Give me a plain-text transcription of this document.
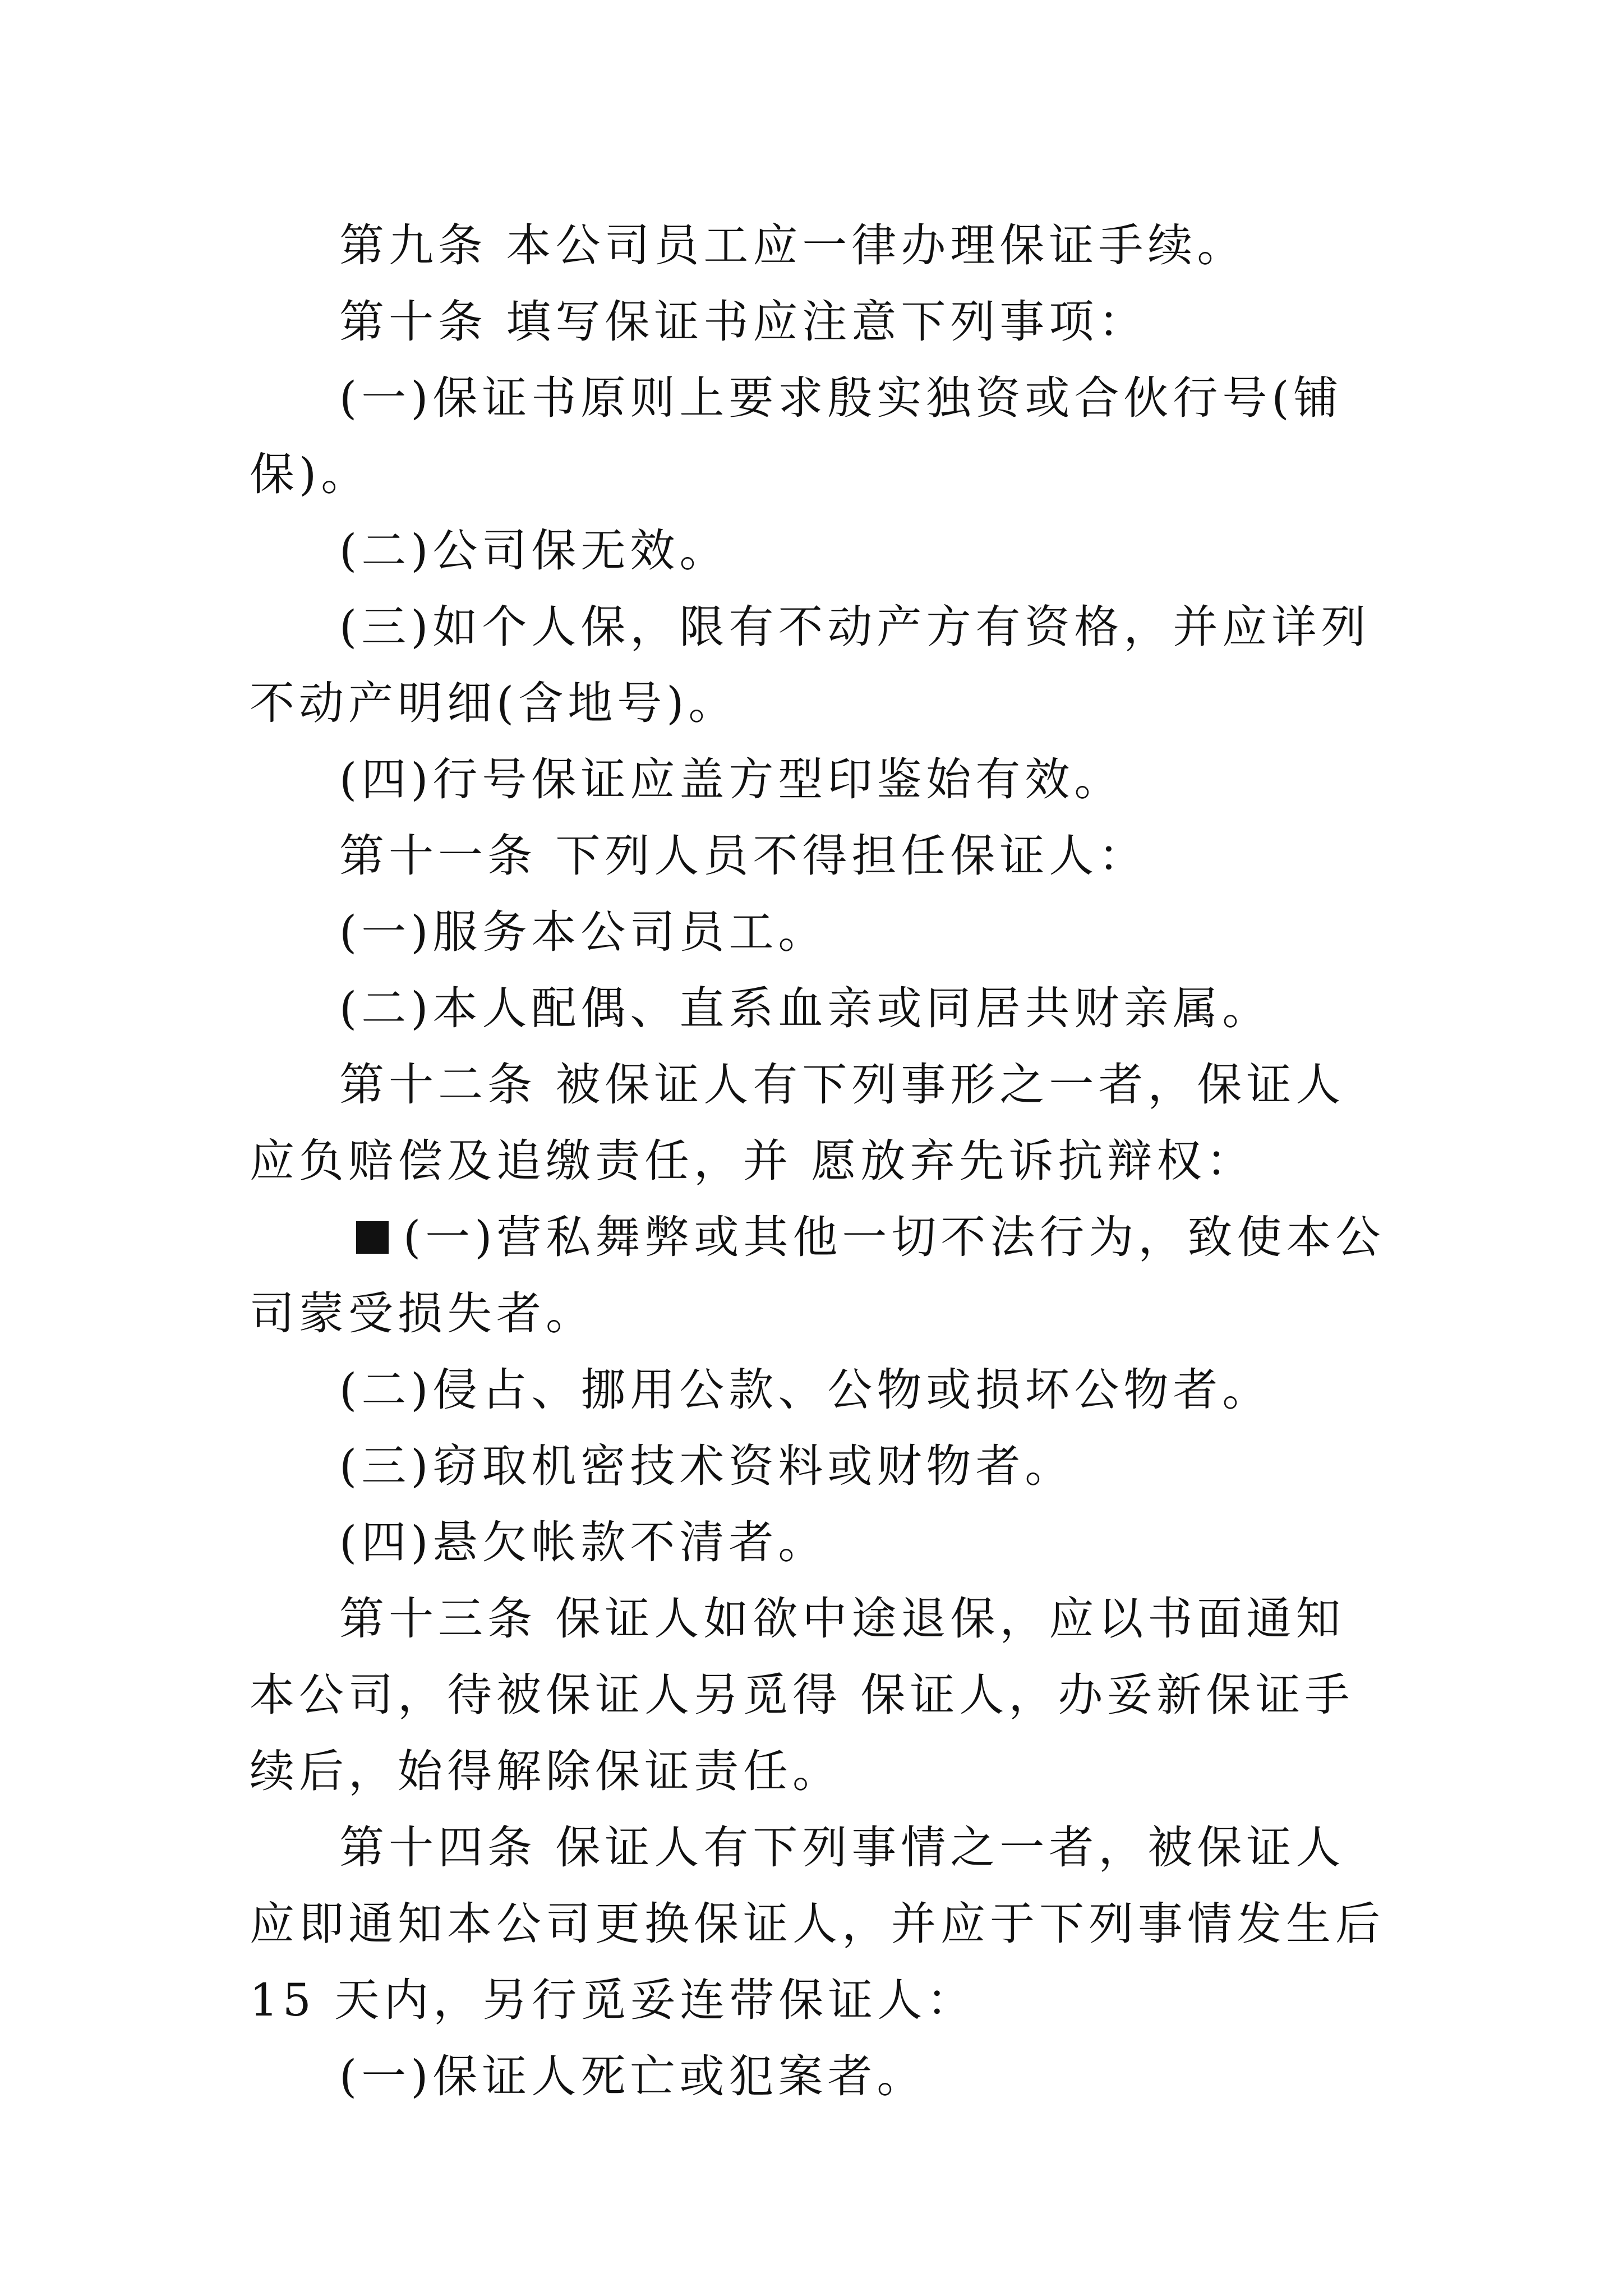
第九条 本公司员工应一律办理保证手续。

第十条 填写保证书应注意下列事项：

(一)保证书原则上要求殷实独资或合伙行号(铺保)。

(二)公司保无效。

(三)如个人保，限有不动产方有资格，并应详列不动产明细(含地号)。

(四)行号保证应盖方型印鉴始有效。

第十一条 下列人员不得担任保证人：

(一)服务本公司员工。

(二)本人配偶、直系血亲或同居共财亲属。

第十二条 被保证人有下列事形之一者，保证人应负赔偿及追缴责任，并 愿放弃先诉抗辩权：

(一)营私舞弊或其他一切不法行为，致使本公司蒙受损失者。

(二)侵占、挪用公款、公物或损坏公物者。

(三)窃取机密技术资料或财物者。

(四)悬欠帐款不清者。

第十三条 保证人如欲中途退保，应以书面通知本公司，待被保证人另觅得 保证人，办妥新保证手续后，始得解除保证责任。

第十四条 保证人有下列事情之一者，被保证人应即通知本公司更换保证人，并应于下列事情发生后 15 天内，另行觅妥连带保证人：

(一)保证人死亡或犯案者。
